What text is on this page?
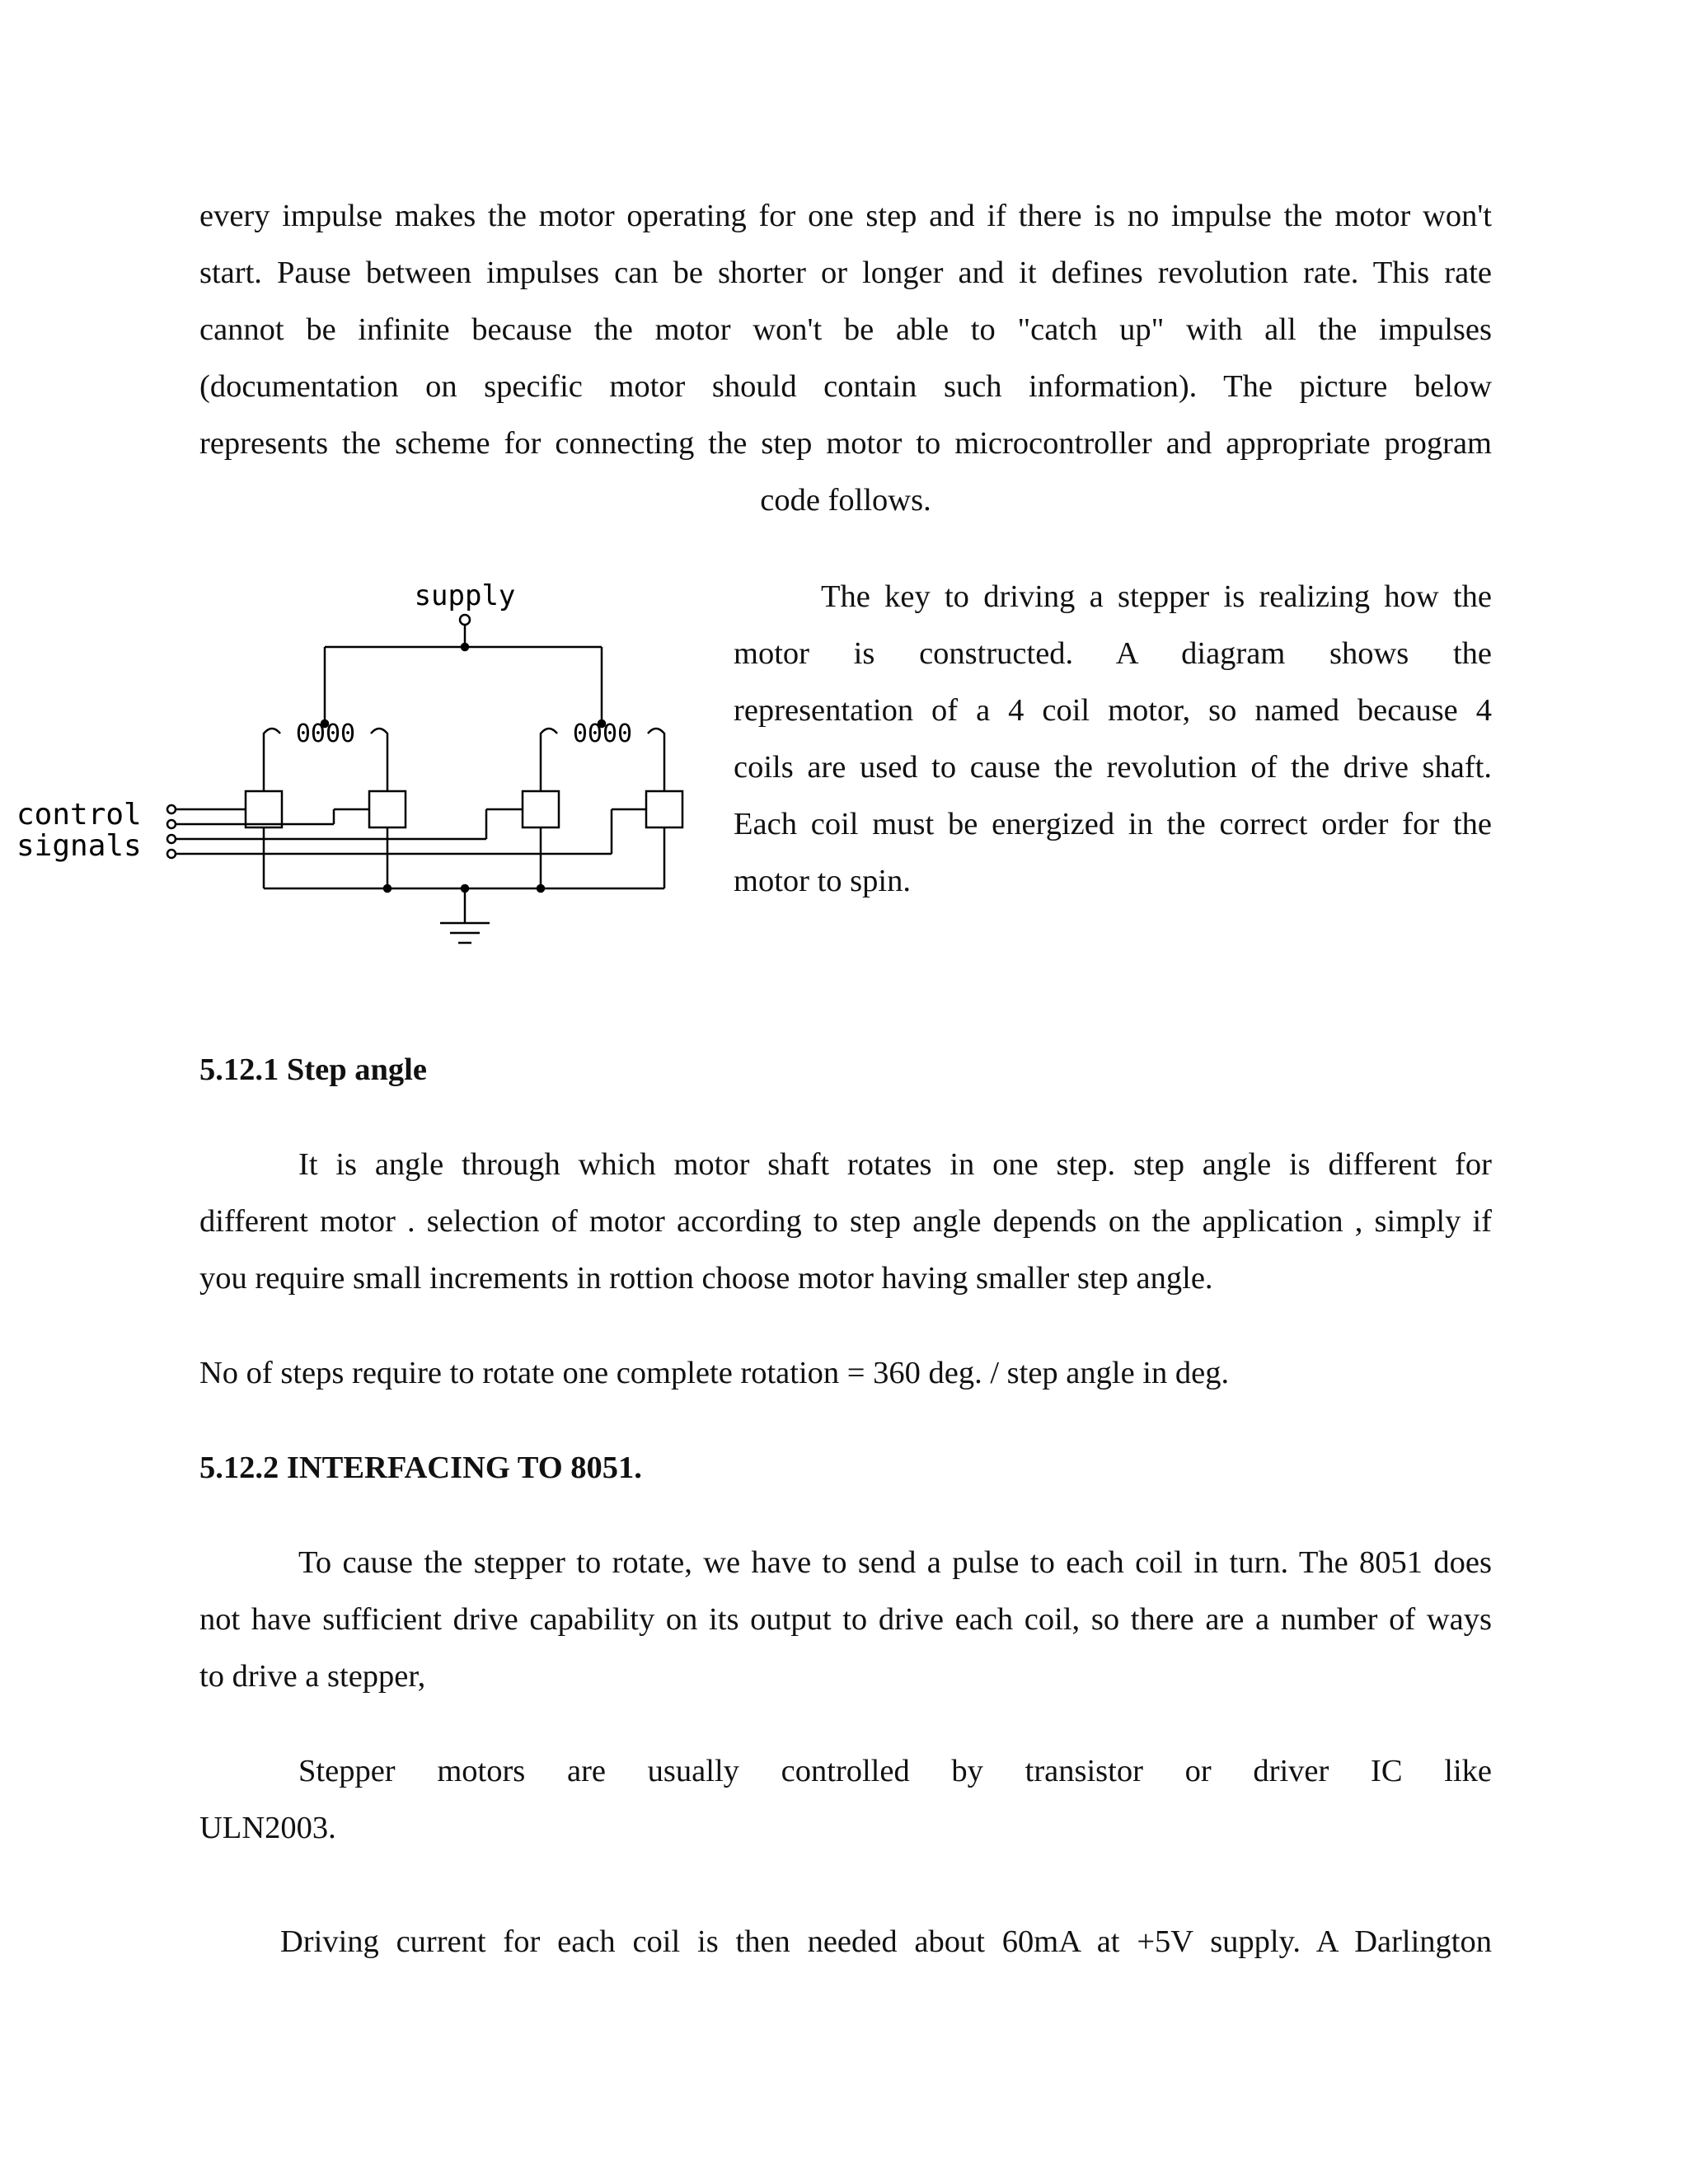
every impulse makes the motor operating for one step and if there is no impulse the motor won't

start. Pause between impulses can be shorter or longer and it defines revolution rate. This rate

cannot be infinite because the motor won't be able to "catch up" with all the impulses

(documentation on specific motor should contain such information). The picture below

represents the scheme for connecting the step motor to microcontroller and appropriate program

code follows.

supply
0000	0000
control
signals

The key to driving a stepper is realizing how the

motor is constructed. A diagram shows the

representation of a 4 coil motor, so named because 4

coils are used to cause the revolution of the drive shaft.

Each coil must be energized in the correct order for the

motor to spin.

5.12.1 Step angle

It is angle through which motor shaft rotates in one step. step angle is different for

different motor . selection of motor according to step angle depends on the application , simply if

you require small increments in rottion choose motor having smaller step angle.

No of steps require to rotate one complete rotation = 360 deg. / step angle in deg.

5.12.2 INTERFACING TO 8051.

To cause the stepper to rotate, we have to send a pulse to each coil in turn. The 8051 does

not have sufficient drive capability on its output to drive each coil, so there are a number of ways

to drive a stepper,

Stepper motors are usually controlled by transistor or driver IC like

ULN2003.

Driving current for each coil is then needed about 60mA at +5V supply. A Darlington
